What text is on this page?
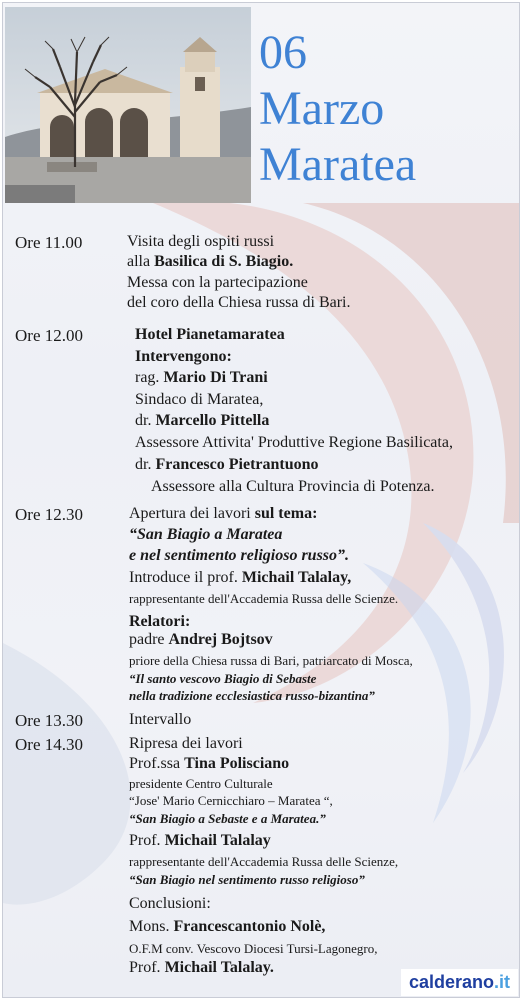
06
Marzo
Maratea
Ore 11.00	Visita degli ospiti russi
alla Basilica di S. Biagio.
Messa con la partecipazione
del coro della Chiesa russa di Bari.
Ore 12.00	Hotel Pianetamaratea
Intervengono:
rag. Mario Di Trani
Sindaco di Maratea,
dr. Marcello Pittella
Assessore Attivita' Produttive Regione Basilicata,
dr. Francesco Pietrantuono
Assessore alla Cultura Provincia di Potenza.
Ore 12.30	Apertura dei lavori sul tema:
“San Biagio a Maratea
e nel sentimento religioso russo”.
Introduce il prof. Michail Talalay,
rappresentante dell'Accademia Russa delle Scienze.
Relatori:
padre Andrej Bojtsov
priore della Chiesa russa di Bari, patriarcato di Mosca,
“Il santo vescovo Biagio di Sebaste
nella tradizione ecclesiastica russo-bizantina”
Ore 13.30	Intervallo
Ore 14.30	Ripresa dei lavori
Prof.ssa Tina Polisciano
presidente Centro Culturale
“Jose' Mario Cernicchiaro – Maratea “,
“San Biagio a Sebaste e a Maratea.”
Prof. Michail Talalay
rappresentante dell'Accademia Russa delle Scienze,
“San Biagio nel sentimento russo religioso”
Conclusioni:
Mons. Francescantonio Nolè,
O.F.M conv. Vescovo Diocesi Tursi-Lagonegro,
Prof. Michail Talalay.
calderano.it
